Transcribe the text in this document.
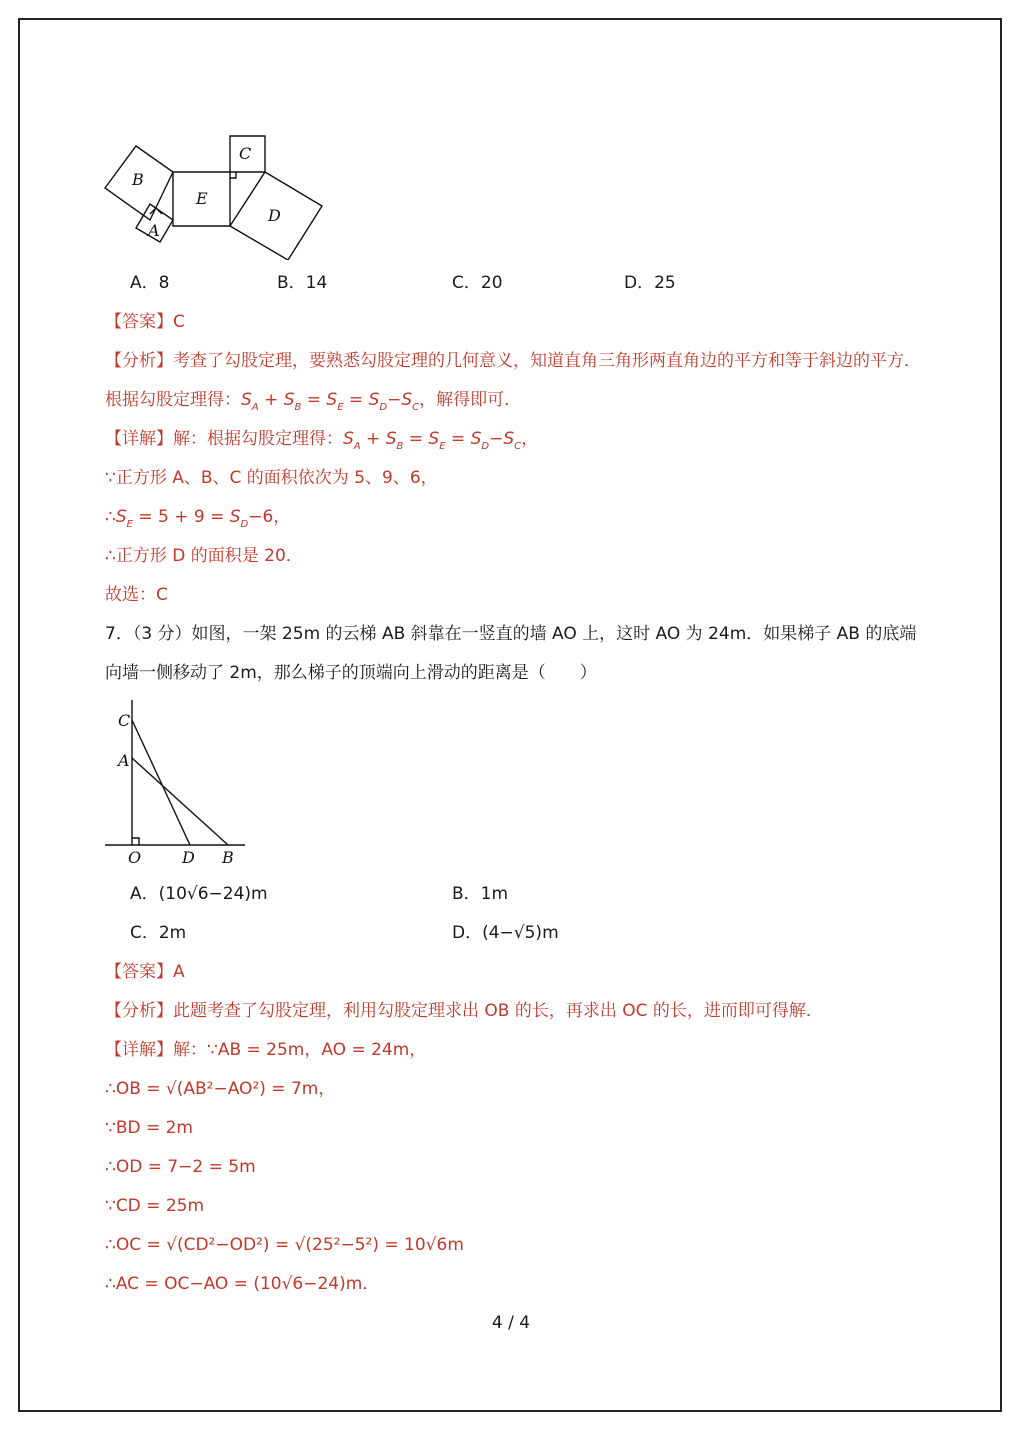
B
A
E
C
D
A．8	B．14	C．20	D．25
【答案】C
【分析】考查了勾股定理，要熟悉勾股定理的几何意义，知道直角三角形两直角边的平方和等于斜边的平方．
根据勾股定理得：$S_A + S_B = S_E = S_D-S_C$，解得即可．
【详解】解：根据勾股定理得：$S_A + S_B = S_E = S_D-S_C$，
∵正方形 A、B、C 的面积依次为 5、9、6，
$\therefore S_E = 5 + 9 = S_D-6$，
∴正方形 D 的面积是 20．
故选：C
7．（3 分）如图，一架 25m 的云梯 AB 斜靠在一竖直的墙 AO 上，这时 AO 为 24m．如果梯子 AB 的底端
向墙一侧移动了 2m，那么梯子的顶端向上滑动的距离是（　　）
C
A
O	D B
A．(10√6−24)m	B．1m
C．2m	D．(4−√5)m
【答案】A
【分析】此题考查了勾股定理，利用勾股定理求出 OB 的长，再求出 OC 的长，进而即可得解．
【详解】解：∵AB = 25m，AO = 24m，
∴OB = √(AB²−AO²) = 7m，
∵BD = 2m
∴OD = 7−2 = 5m
∵CD = 25m
∴OC = √(CD²−OD²) = √(25²−5²) = 10√6m
∴AC = OC−AO = (10√6−24)m．
4 / 4
